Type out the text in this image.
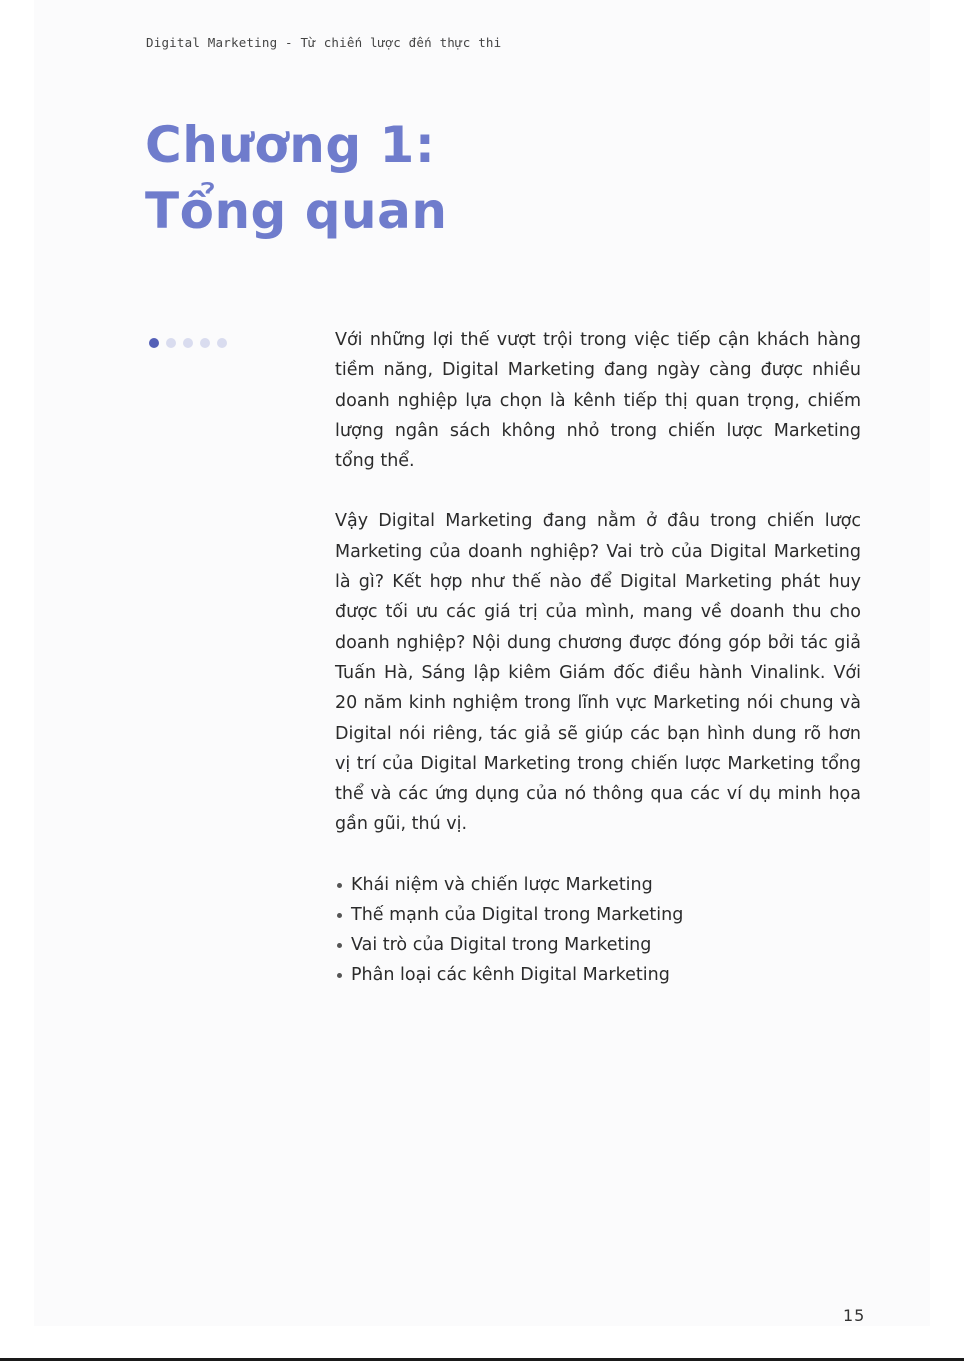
Digital Marketing - Từ chiến lược đến thực thi
Chương 1:
Tổng quan

Với những lợi thế vượt trội trong việc tiếp cận khách hàng tiềm năng, Digital Marketing đang ngày càng được nhiều doanh nghiệp lựa chọn là kênh tiếp thị quan trọng, chiếm lượng ngân sách không nhỏ trong chiến lược Marketing tổng thể.

Vậy Digital Marketing đang nằm ở đâu trong chiến lược Marketing của doanh nghiệp? Vai trò của Digital Marketing là gì? Kết hợp như thế nào để Digital Marketing phát huy được tối ưu các giá trị của mình, mang về doanh thu cho doanh nghiệp? Nội dung chương được đóng góp bởi tác giả Tuấn Hà, Sáng lập kiêm Giám đốc điều hành Vinalink. Với 20 năm kinh nghiệm trong lĩnh vực Marketing nói chung và Digital nói riêng, tác giả sẽ giúp các bạn hình dung rõ hơn vị trí của Digital Marketing trong chiến lược Marketing tổng thể và các ứng dụng của nó thông qua các ví dụ minh họa gần gũi, thú vị.

Khái niệm và chiến lược Marketing
Thế mạnh của Digital trong Marketing
Vai trò của Digital trong Marketing
Phân loại các kênh Digital Marketing
15
